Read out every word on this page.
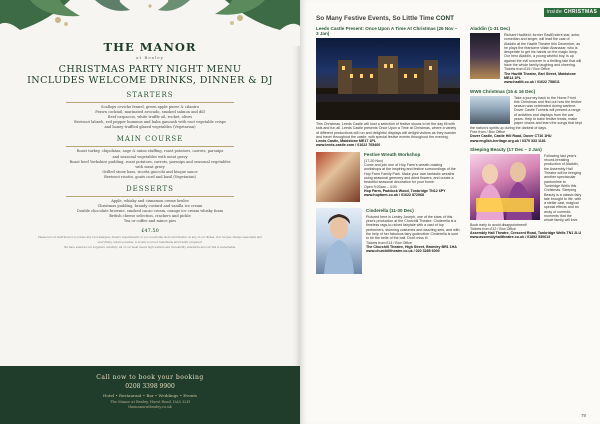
THE MANOR
at Bexley
CHRISTMAS PARTY NIGHT MENU
INCLUDES WELCOME DRINKS, DINNER & DJ
STARTERS
Scallops ceviche fennel, green apple puree & cilantro
Prawn cocktail, marinated avocado, smoked salmon and dill
Beef carpaccio, white truffle oil, rocket, olives
Beetroot labneh, red pepper hummus and baba ganoush with root vegetable crisps
and honey truffled glazed vegetables (Vegetarian)
MAIN COURSE
Roast turkey, chipolatas, sage & onion stuffing, roast potatoes, carrots, parsnips
and seasonal vegetables with meat gravy
Roast beef Yorkshire pudding, roast potatoes, carrots, parsnips and seasonal vegetables
with meat gravy
Grilled stone bass, ricotta gnocchi and bisque sauce
Beetroot risotto, goats curd and basil (Vegetarian)
DESSERTS
Apple, whisky and cinnamon creme brulee
Christmas pudding, brandy custard and vanilla ice cream
Double chocolate brownie, smoked cacao cream, orange ice cream whisky foam
British cheese selection, crackers and pickle
Tea or coffee and mince pies
£47.50
Please let our staff know if you have any food allergies, dietary requirements or you would like more information on any of our dishes. Our recipes change seasonally and
everything, where possible, is locally sourced, handmade and freshly prepared.
We have selected our suppliers carefully; all of our meat meets high welfare and traceability standards and our fish is sustainable.
Call now to book your booking
0208 3398 9900
Hotel • Restaurant • Bar • Weddings • Events
The Manor at Bexley, Hurst Road, DA5 3LH
themanoratbexley.co.uk
inside CHRISTMAS
So Many Festive Events, So Little Time CONT
Leeds Castle Present: Once Upon A Time At Christmas (26 Nov – 3 Jan)

This Christmas, Leeds Castle will host a selection of festive shows to let the day fill with kids and fun all. Leeds Castle presents Once Upon a Time at Christmas, where a variety of different productions will run and delightful displays will delight visitors as they wander and travel throughout the castle, with special festive events throughout the evening.

Leeds Castle, Maidstone ME17 1PL

www.leeds-castle.com / 01622 765400

Festive Wreath Workshop

(17-20 Nov)

Come and join one of Hop Farm's wreath-making workshops at the inspiring and festive surroundings of the Hop Farm Family Park. Make your own fantastic wreaths using seasonal greenery and dried flowers, and create a beautiful seasonal decoration for your home.

Open 9:00am – 4:00

Hop Farm, Paddock Wood, Tonbridge TN12 6PY

www.hopfarm.co.uk / 01622 872068

Cinderella (11-30 Dec)

Pictured here is Lesley Joseph, one of the stars of this year's production at the Churchill Theatre. Cinderella is a timeless rags-to-riches fairytale with a cast of top performers, stunning costumes and dazzling sets, and with the help of her fabulous fairy godmother Cinderella is sure to be the belle of the ball. Don't miss it!

Tickets from £14 / Box Office

The Churchill Theatre, High Street, Bromley BR1 1HA

www.churchilltheatre.co.uk / 020 3285 6000

Aladdin (1-31 Dec)

Richard Hadfield, former EastEnders star, actor, comedian and singer, will lead the cast of Aladdin at the Hazlitt Theatre this December, as he plays the fearsome villain Abanazar, who is desperate to get his hands on the magic lamp. Our hero Aladdin, a young wishful boy, is up against the evil sorcerer in a thrilling tale that will have the whole family laughing and cheering.

Tickets from £15 / Box Office

The Hazlitt Theatre, Earl Street, Maidstone ME14 1PL

www.hazlitt.co.uk / 01622 758611

WWII Christmas (15 & 16 Dec)

Take a journey back to the Home Front this Christmas and find out how the festive season was celebrated during wartime. Dover Castle Tunnels will present a range of activities and displays from the war years. Help to bake festive treats, make paper chains and learn the songs that kept the nation's spirits up during the darkest of days.

Free from / Box Office

Dover Castle, Castle Hill Road, Dover CT16 1HU

www.english-heritage.org.uk / 0370 333 1181

Sleeping Beauty (17 Dec – 2 Jan)

Following last year's record-breaking production of Aladdin, the Assembly Hall Theatre will be bringing another spectacular pantomime to Tunbridge Wells this Christmas. Sleeping Beauty is a classic fairy tale brought to life, with a stellar cast, magical special effects and an array of comedic moments that the whole family will love. Book early to avoid disappointment!

Tickets from £12 / Box Office

Assembly Hall Theatre, Crescent Road, Tunbridge Wells TN1 2LU

www.assemblyhalltheatre.co.uk / 01892 530613

79
